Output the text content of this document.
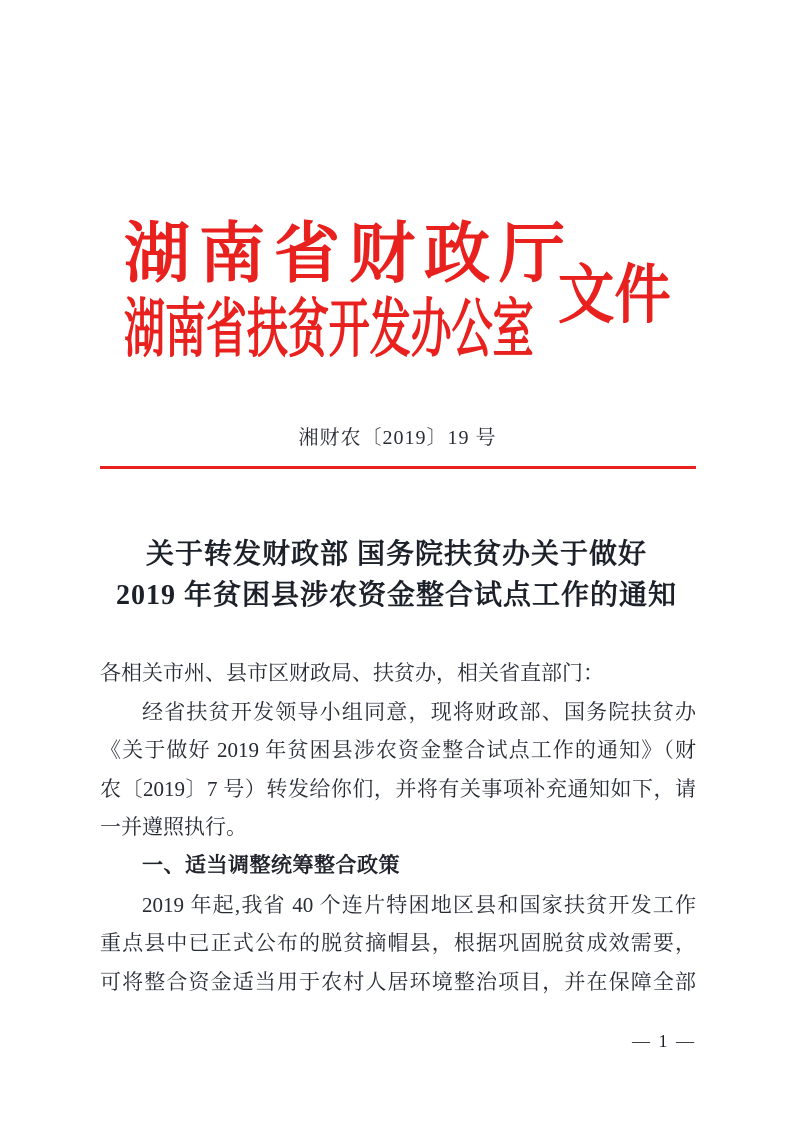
湖南省财政厅
湖南省扶贫开发办公室 文件
湘财农〔2019〕19 号
关于转发财政部 国务院扶贫办关于做好
2019 年贫困县涉农资金整合试点工作的通知
各相关市州、县市区财政局、扶贫办，相关省直部门：
经省扶贫开发领导小组同意，现将财政部、国务院扶贫办
《关于做好 2019 年贫困县涉农资金整合试点工作的通知》（财
农〔2019〕7 号）转发给你们，并将有关事项补充通知如下，请
一并遵照执行。
一、适当调整统筹整合政策
2019 年起,我省 40 个连片特困地区县和国家扶贫开发工作
重点县中已正式公布的脱贫摘帽县，根据巩固脱贫成效需要，
可将整合资金适当用于农村人居环境整治项目，并在保障全部
— 1 —
